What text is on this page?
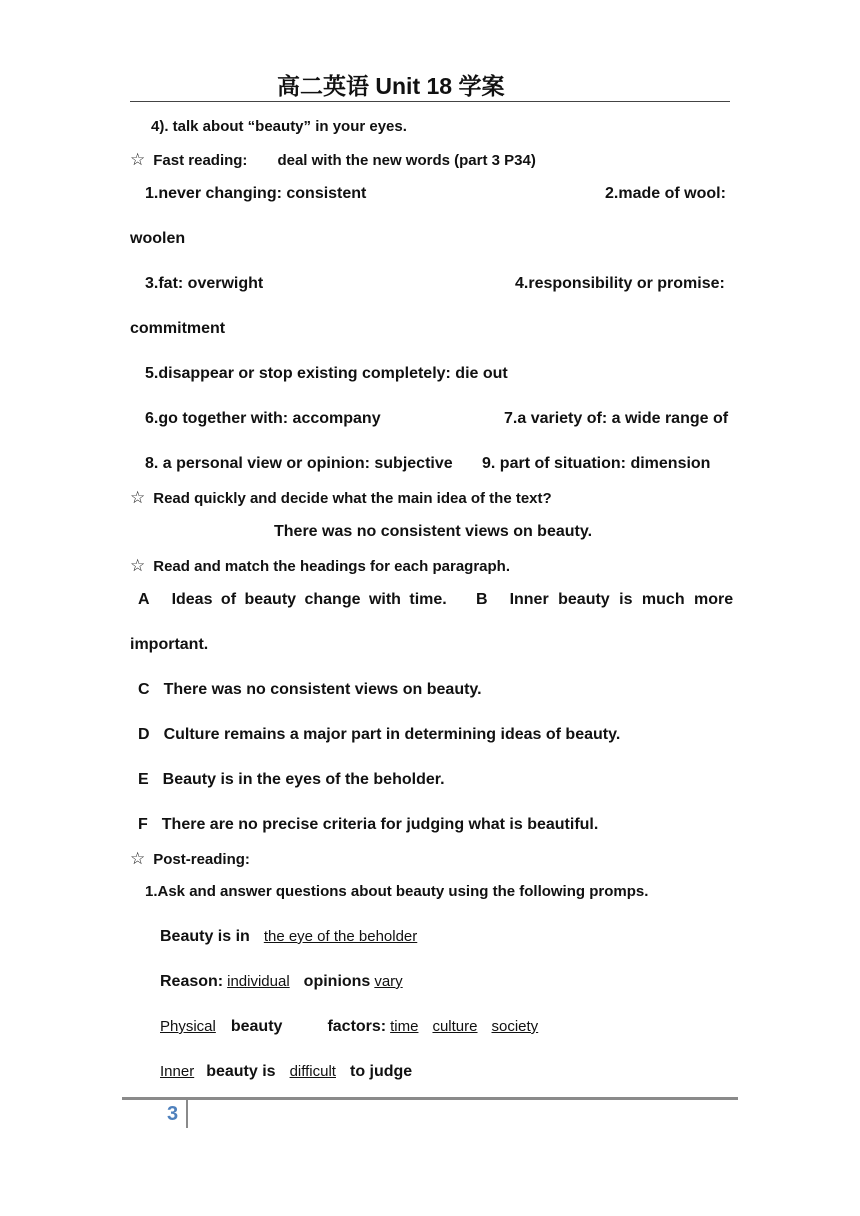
高二英语 Unit 18 学案
4). talk about “beauty” in your eyes.
☆ Fast reading: deal with the new words (part 3 P34)
1.never changing: consistent	2.made of wool:
woolen
3.fat: overwight	4.responsibility or promise:
commitment
5.disappear or stop existing completely: die out
6.go together with: accompany	7.a variety of: a wide range of
8. a personal view or opinion: subjective 9. part of situation: dimension
☆ Read quickly and decide what the main idea of the text?
There was no consistent views on beauty.
☆ Read and match the headings for each paragraph.
A Ideas of beauty change with time. B Inner beauty is much more
important.
C There was no consistent views on beauty.
D Culture remains a major part in determining ideas of beauty.
E Beauty is in the eyes of the beholder.
F There are no precise criteria for judging what is beautiful.
☆ Post-reading:
1.Ask and answer questions about beauty using the following promps.
Beauty is in the eye of the beholder
Reason: individual opinions vary
Physical beauty	factors: time culture society
Inner beauty is difficult to judge
3
